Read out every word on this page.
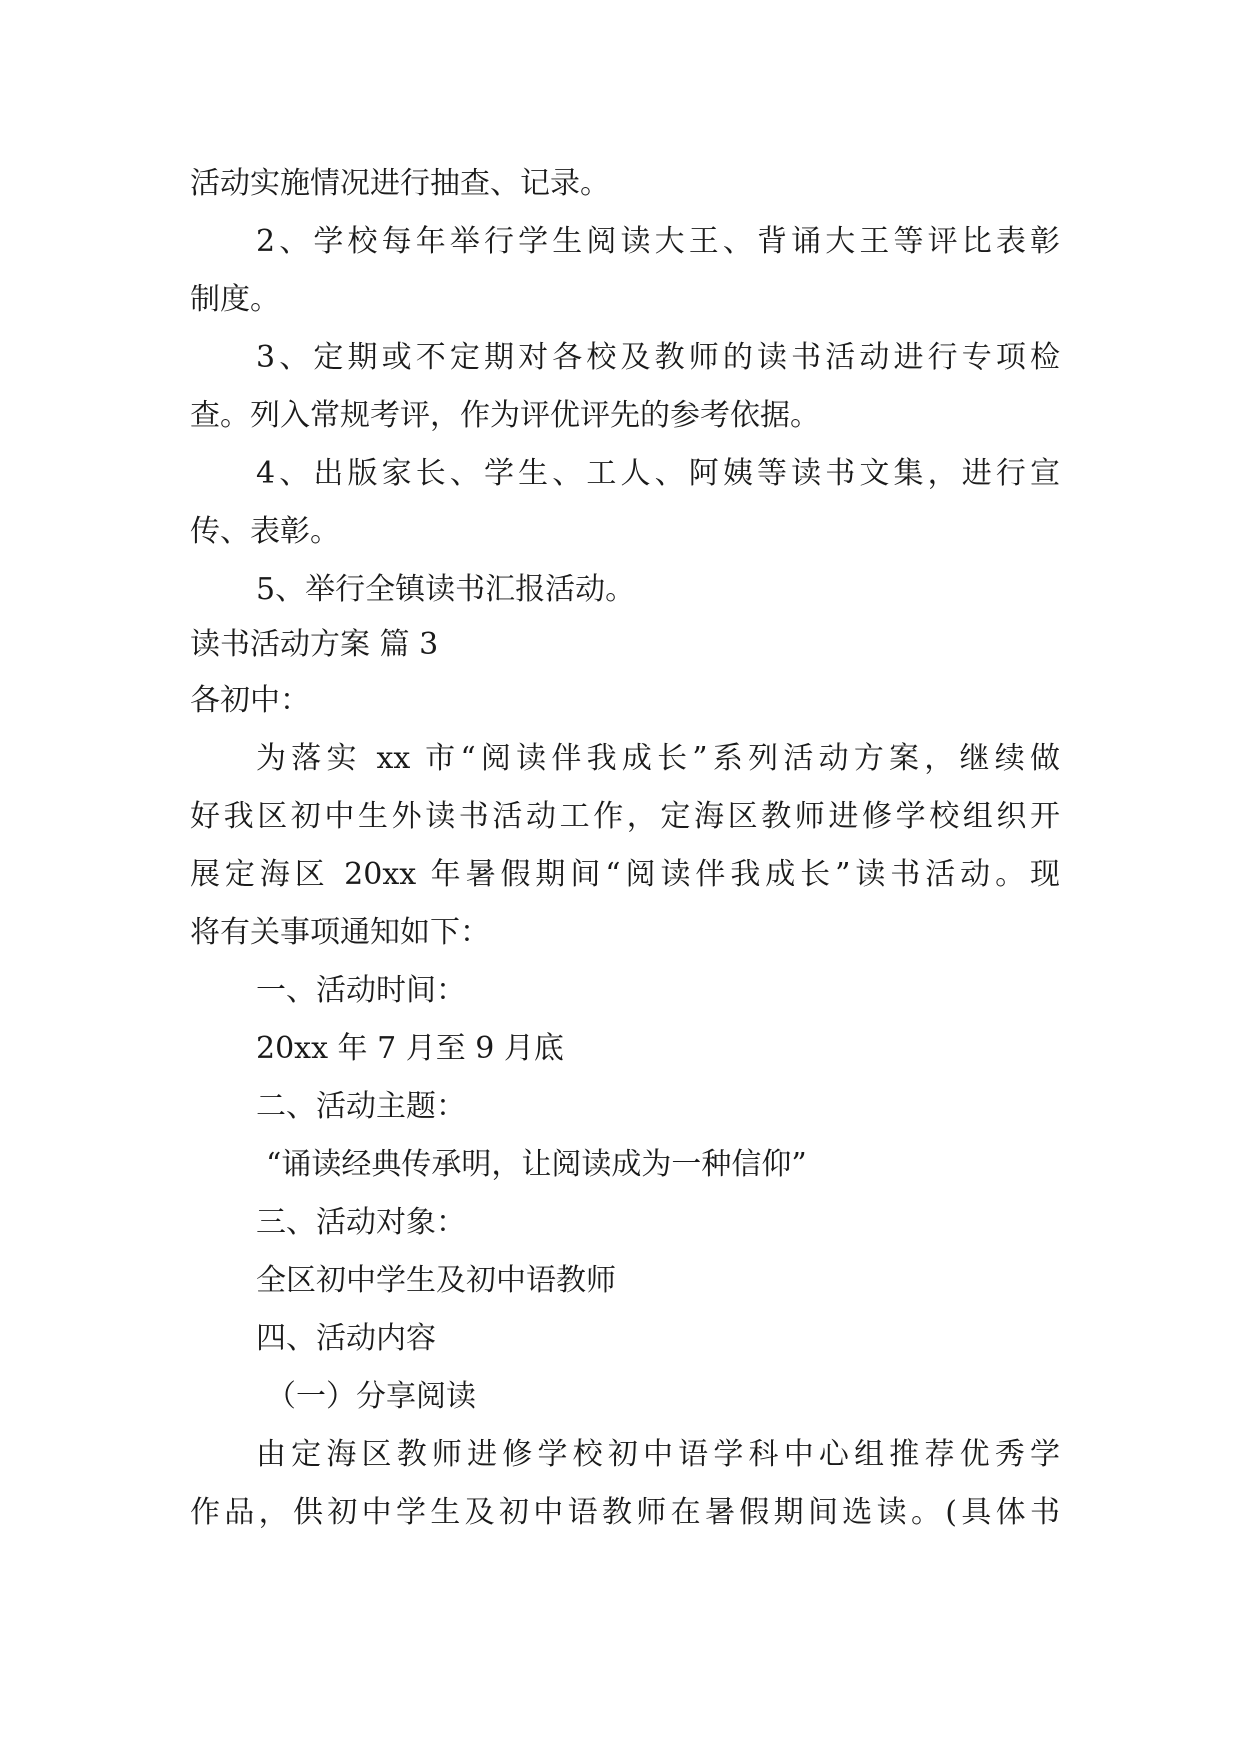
活动实施情况进行抽查、记录。

2、学校每年举行学生阅读大王、背诵大王等评比表彰

制度。

3、定期或不定期对各校及教师的读书活动进行专项检

查。列入常规考评，作为评优评先的参考依据。

4、出版家长、学生、工人、阿姨等读书文集，进行宣

传、表彰。

5、举行全镇读书汇报活动。

读书活动方案 篇 3

各初中：

为落实 xx 市“阅读伴我成长”系列活动方案，继续做

好我区初中生外读书活动工作，定海区教师进修学校组织开

展定海区 20xx 年暑假期间“阅读伴我成长”读书活动。现

将有关事项通知如下：

一、活动时间：

20xx 年 7 月至 9 月底

二、活动主题：

“诵读经典传承明，让阅读成为一种信仰”

三、活动对象：

全区初中学生及初中语教师

四、活动内容

（一）分享阅读

由定海区教师进修学校初中语学科中心组推荐优秀学

作品，供初中学生及初中语教师在暑假期间选读。(具体书
